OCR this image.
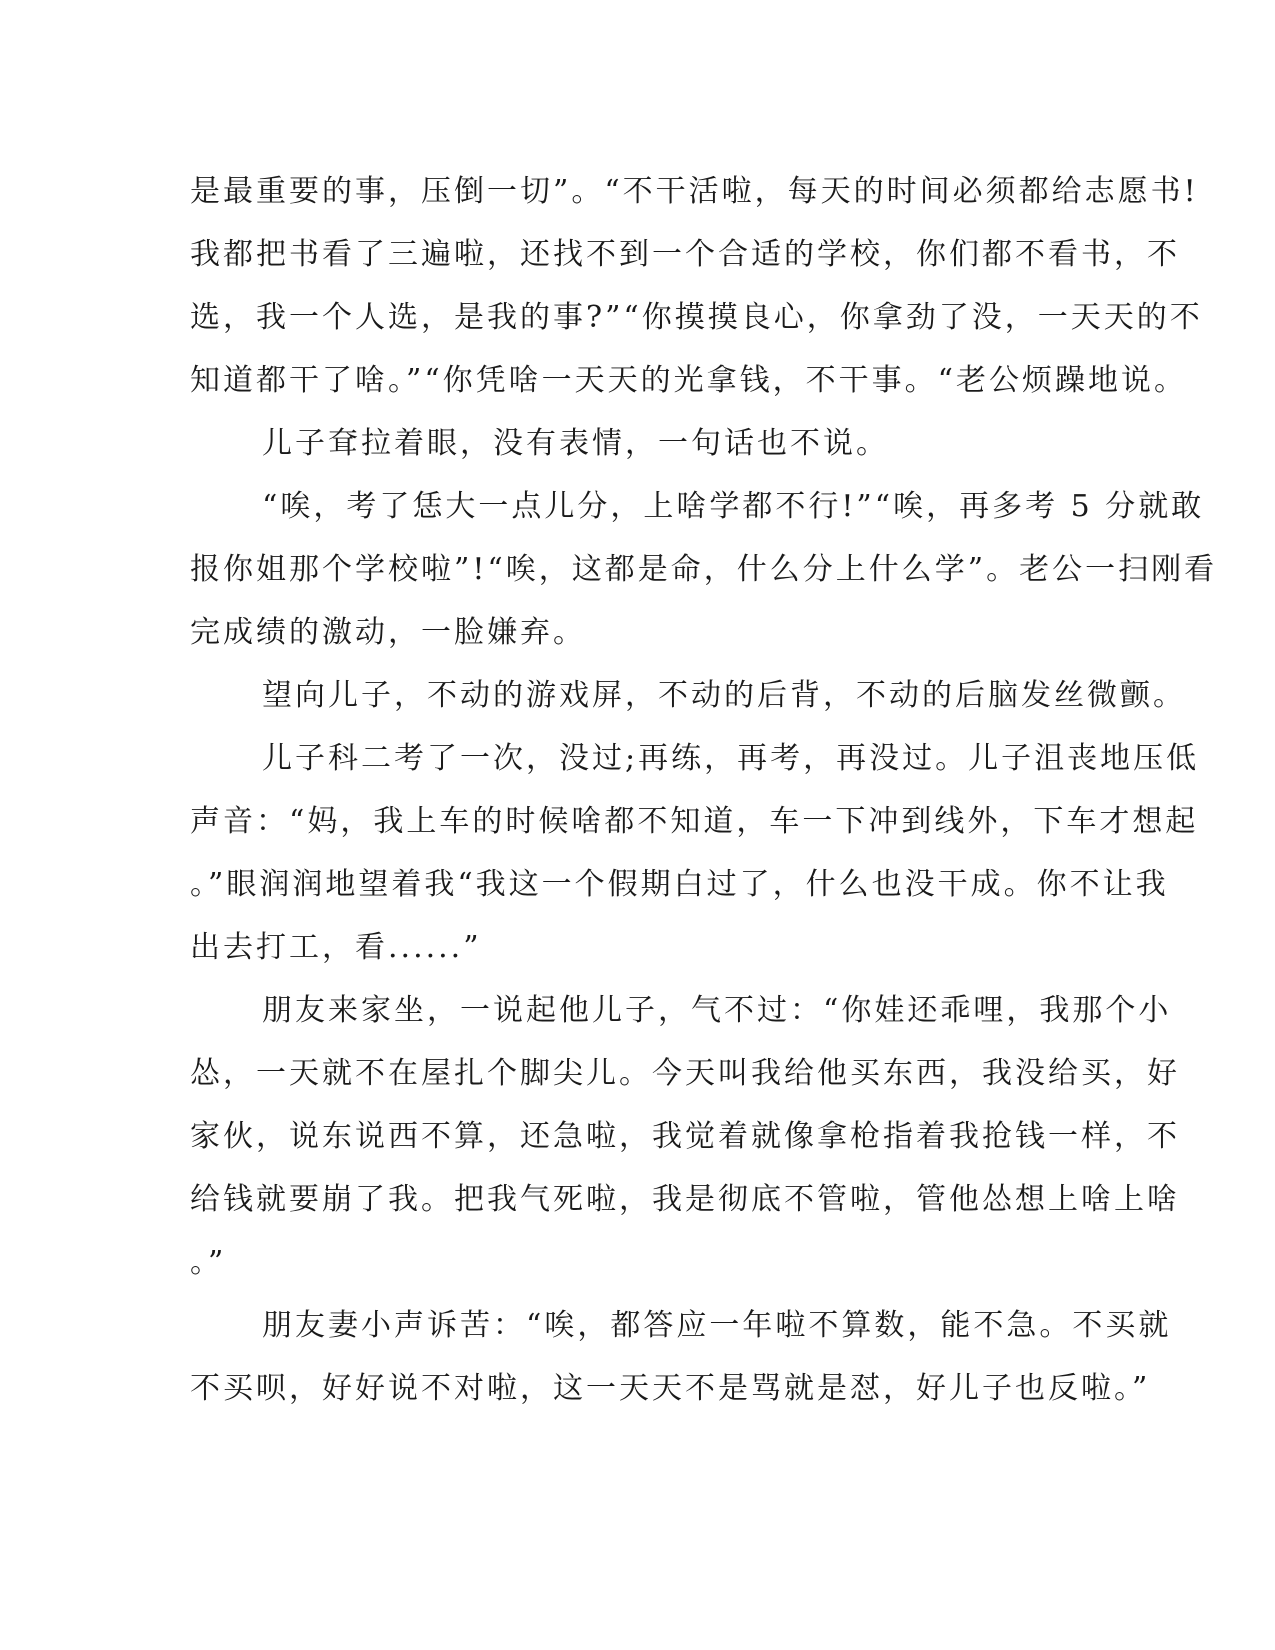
是最重要的事，压倒一切”。“不干活啦，每天的时间必须都给志愿书!
我都把书看了三遍啦，还找不到一个合适的学校，你们都不看书，不
选，我一个人选，是我的事?”“你摸摸良心，你拿劲了没，一天天的不
知道都干了啥。”“你凭啥一天天的光拿钱，不干事。“老公烦躁地说。
儿子耷拉着眼，没有表情，一句话也不说。
“唉，考了恁大一点儿分，上啥学都不行!”“唉，再多考 5 分就敢
报你姐那个学校啦”!“唉，这都是命，什么分上什么学”。老公一扫刚看
完成绩的激动，一脸嫌弃。
望向儿子，不动的游戏屏，不动的后背，不动的后脑发丝微颤。
儿子科二考了一次，没过;再练，再考，再没过。儿子沮丧地压低
声音：“妈，我上车的时候啥都不知道，车一下冲到线外，下车才想起
。”眼润润地望着我“我这一个假期白过了，什么也没干成。你不让我
出去打工，看......”
朋友来家坐，一说起他儿子，气不过：“你娃还乖哩，我那个小
怂，一天就不在屋扎个脚尖儿。今天叫我给他买东西，我没给买，好
家伙，说东说西不算，还急啦，我觉着就像拿枪指着我抢钱一样，不
给钱就要崩了我。把我气死啦，我是彻底不管啦，管他怂想上啥上啥
。”
朋友妻小声诉苦：“唉，都答应一年啦不算数，能不急。不买就
不买呗，好好说不对啦，这一天天不是骂就是怼，好儿子也反啦。”
